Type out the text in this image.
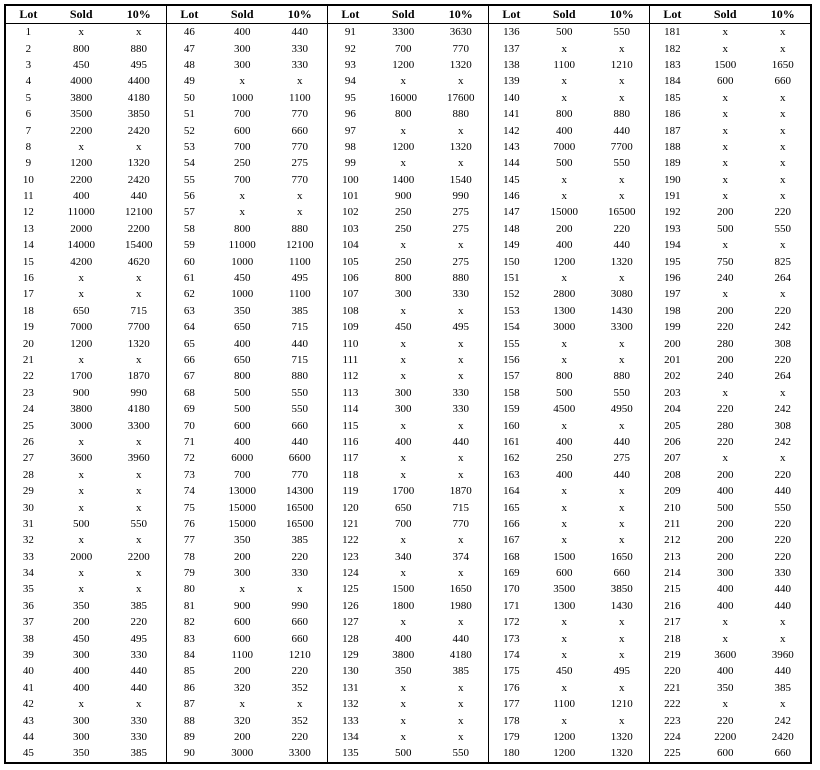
Lot	Sold	10%
1	x	x
2	800	880
3	450	495
4	4000	4400
5	3800	4180
6	3500	3850
7	2200	2420
8	x	x
9	1200	1320
10	2200	2420
11	400	440
12	11000	12100
13	2000	2200
14	14000	15400
15	4200	4620
16	x	x
17	x	x
18	650	715
19	7000	7700
20	1200	1320
21	x	x
22	1700	1870
23	900	990
24	3800	4180
25	3000	3300
26	x	x
27	3600	3960
28	x	x
29	x	x
30	x	x
31	500	550
32	x	x
33	2000	2200
34	x	x
35	x	x
36	350	385
37	200	220
38	450	495
39	300	330
40	400	440
41	400	440
42	x	x
43	300	330
44	300	330
45	350	385
Lot	Sold	10%
46	400	440
47	300	330
48	300	330
49	x	x
50	1000	1100
51	700	770
52	600	660
53	700	770
54	250	275
55	700	770
56	x	x
57	x	x
58	800	880
59	11000	12100
60	1000	1100
61	450	495
62	1000	1100
63	350	385
64	650	715
65	400	440
66	650	715
67	800	880
68	500	550
69	500	550
70	600	660
71	400	440
72	6000	6600
73	700	770
74	13000	14300
75	15000	16500
76	15000	16500
77	350	385
78	200	220
79	300	330
80	x	x
81	900	990
82	600	660
83	600	660
84	1100	1210
85	200	220
86	320	352
87	x	x
88	320	352
89	200	220
90	3000	3300
Lot	Sold	10%
91	3300	3630
92	700	770
93	1200	1320
94	x	x
95	16000	17600
96	800	880
97	x	x
98	1200	1320
99	x	x
100	1400	1540
101	900	990
102	250	275
103	250	275
104	x	x
105	250	275
106	800	880
107	300	330
108	x	x
109	450	495
110	x	x
111	x	x
112	x	x
113	300	330
114	300	330
115	x	x
116	400	440
117	x	x
118	x	x
119	1700	1870
120	650	715
121	700	770
122	x	x
123	340	374
124	x	x
125	1500	1650
126	1800	1980
127	x	x
128	400	440
129	3800	4180
130	350	385
131	x	x
132	x	x
133	x	x
134	x	x
135	500	550
Lot	Sold	10%
136	500	550
137	x	x
138	1100	1210
139	x	x
140	x	x
141	800	880
142	400	440
143	7000	7700
144	500	550
145	x	x
146	x	x
147	15000	16500
148	200	220
149	400	440
150	1200	1320
151	x	x
152	2800	3080
153	1300	1430
154	3000	3300
155	x	x
156	x	x
157	800	880
158	500	550
159	4500	4950
160	x	x
161	400	440
162	250	275
163	400	440
164	x	x
165	x	x
166	x	x
167	x	x
168	1500	1650
169	600	660
170	3500	3850
171	1300	1430
172	x	x
173	x	x
174	x	x
175	450	495
176	x	x
177	1100	1210
178	x	x
179	1200	1320
180	1200	1320
Lot	Sold	10%
181	x	x
182	x	x
183	1500	1650
184	600	660
185	x	x
186	x	x
187	x	x
188	x	x
189	x	x
190	x	x
191	x	x
192	200	220
193	500	550
194	x	x
195	750	825
196	240	264
197	x	x
198	200	220
199	220	242
200	280	308
201	200	220
202	240	264
203	x	x
204	220	242
205	280	308
206	220	242
207	x	x
208	200	220
209	400	440
210	500	550
211	200	220
212	200	220
213	200	220
214	300	330
215	400	440
216	400	440
217	x	x
218	x	x
219	3600	3960
220	400	440
221	350	385
222	x	x
223	220	242
224	2200	2420
225	600	660
